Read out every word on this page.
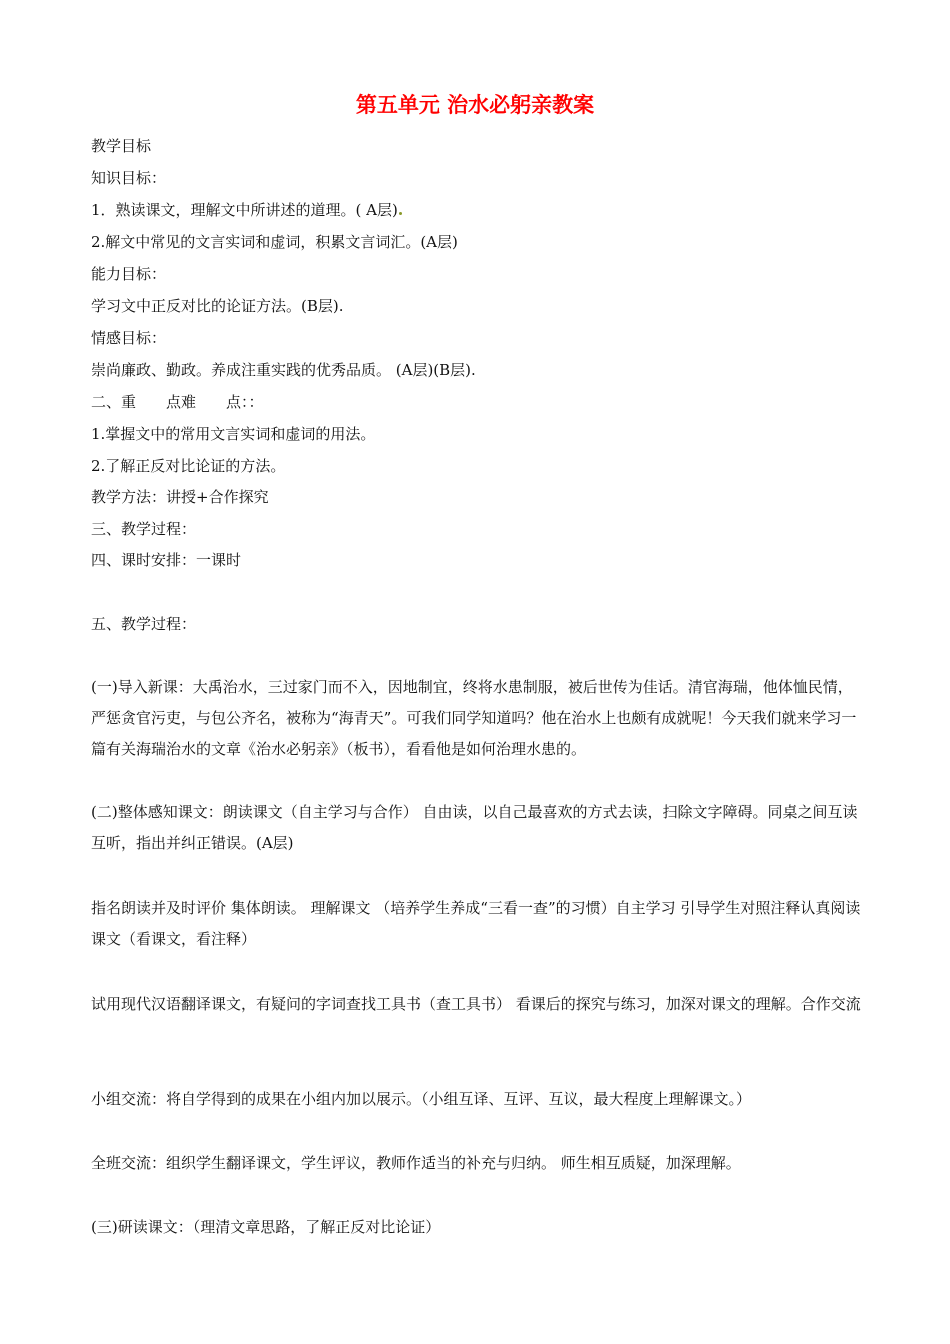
第五单元 治水必躬亲教案
教学目标
知识目标：
1．熟读课文，理解文中所讲述的道理。( A层)
2.解文中常见的文言实词和虚词，积累文言词汇。(A层)
能力目标：
学习文中正反对比的论证方法。(B层).
情感目标：
崇尚廉政、勤政。养成注重实践的优秀品质。 (A层)(B层).
二、重　　点难　　点：：
1.掌握文中的常用文言实词和虚词的用法。
2.了解正反对比论证的方法。
教学方法：讲授+合作探究
三、教学过程：
四、课时安排：一课时
五、教学过程：

(一)导入新课：大禹治水，三过家门而不入，因地制宜，终将水患制服，被后世传为佳话。清官海瑞，他体恤民情，严惩贪官污吏，与包公齐名，被称为“海青天”。可我们同学知道吗？他在治水上也颇有成就呢！今天我们就来学习一篇有关海瑞治水的文章《治水必躬亲》（板书），看看他是如何治理水患的。

(二)整体感知课文：朗读课文（自主学习与合作） 自由读，以自己最喜欢的方式去读，扫除文字障碍。同桌之间互读互听，指出并纠正错误。(A层)

指名朗读并及时评价 集体朗读。 理解课文 （培养学生养成“三看一查”的习惯）自主学习 引导学生对照注释认真阅读课文（看课文，看注释）

试用现代汉语翻译课文，有疑问的字词查找工具书（查工具书） 看课后的探究与练习，加深对课文的理解。合作交流

小组交流：将自学得到的成果在小组内加以展示。（小组互译、互评、互议，最大程度上理解课文。）

全班交流：组织学生翻译课文，学生评议，教师作适当的补充与归纳。 师生相互质疑，加深理解。

(三)研读课文：（理清文章思路，了解正反对比论证）
